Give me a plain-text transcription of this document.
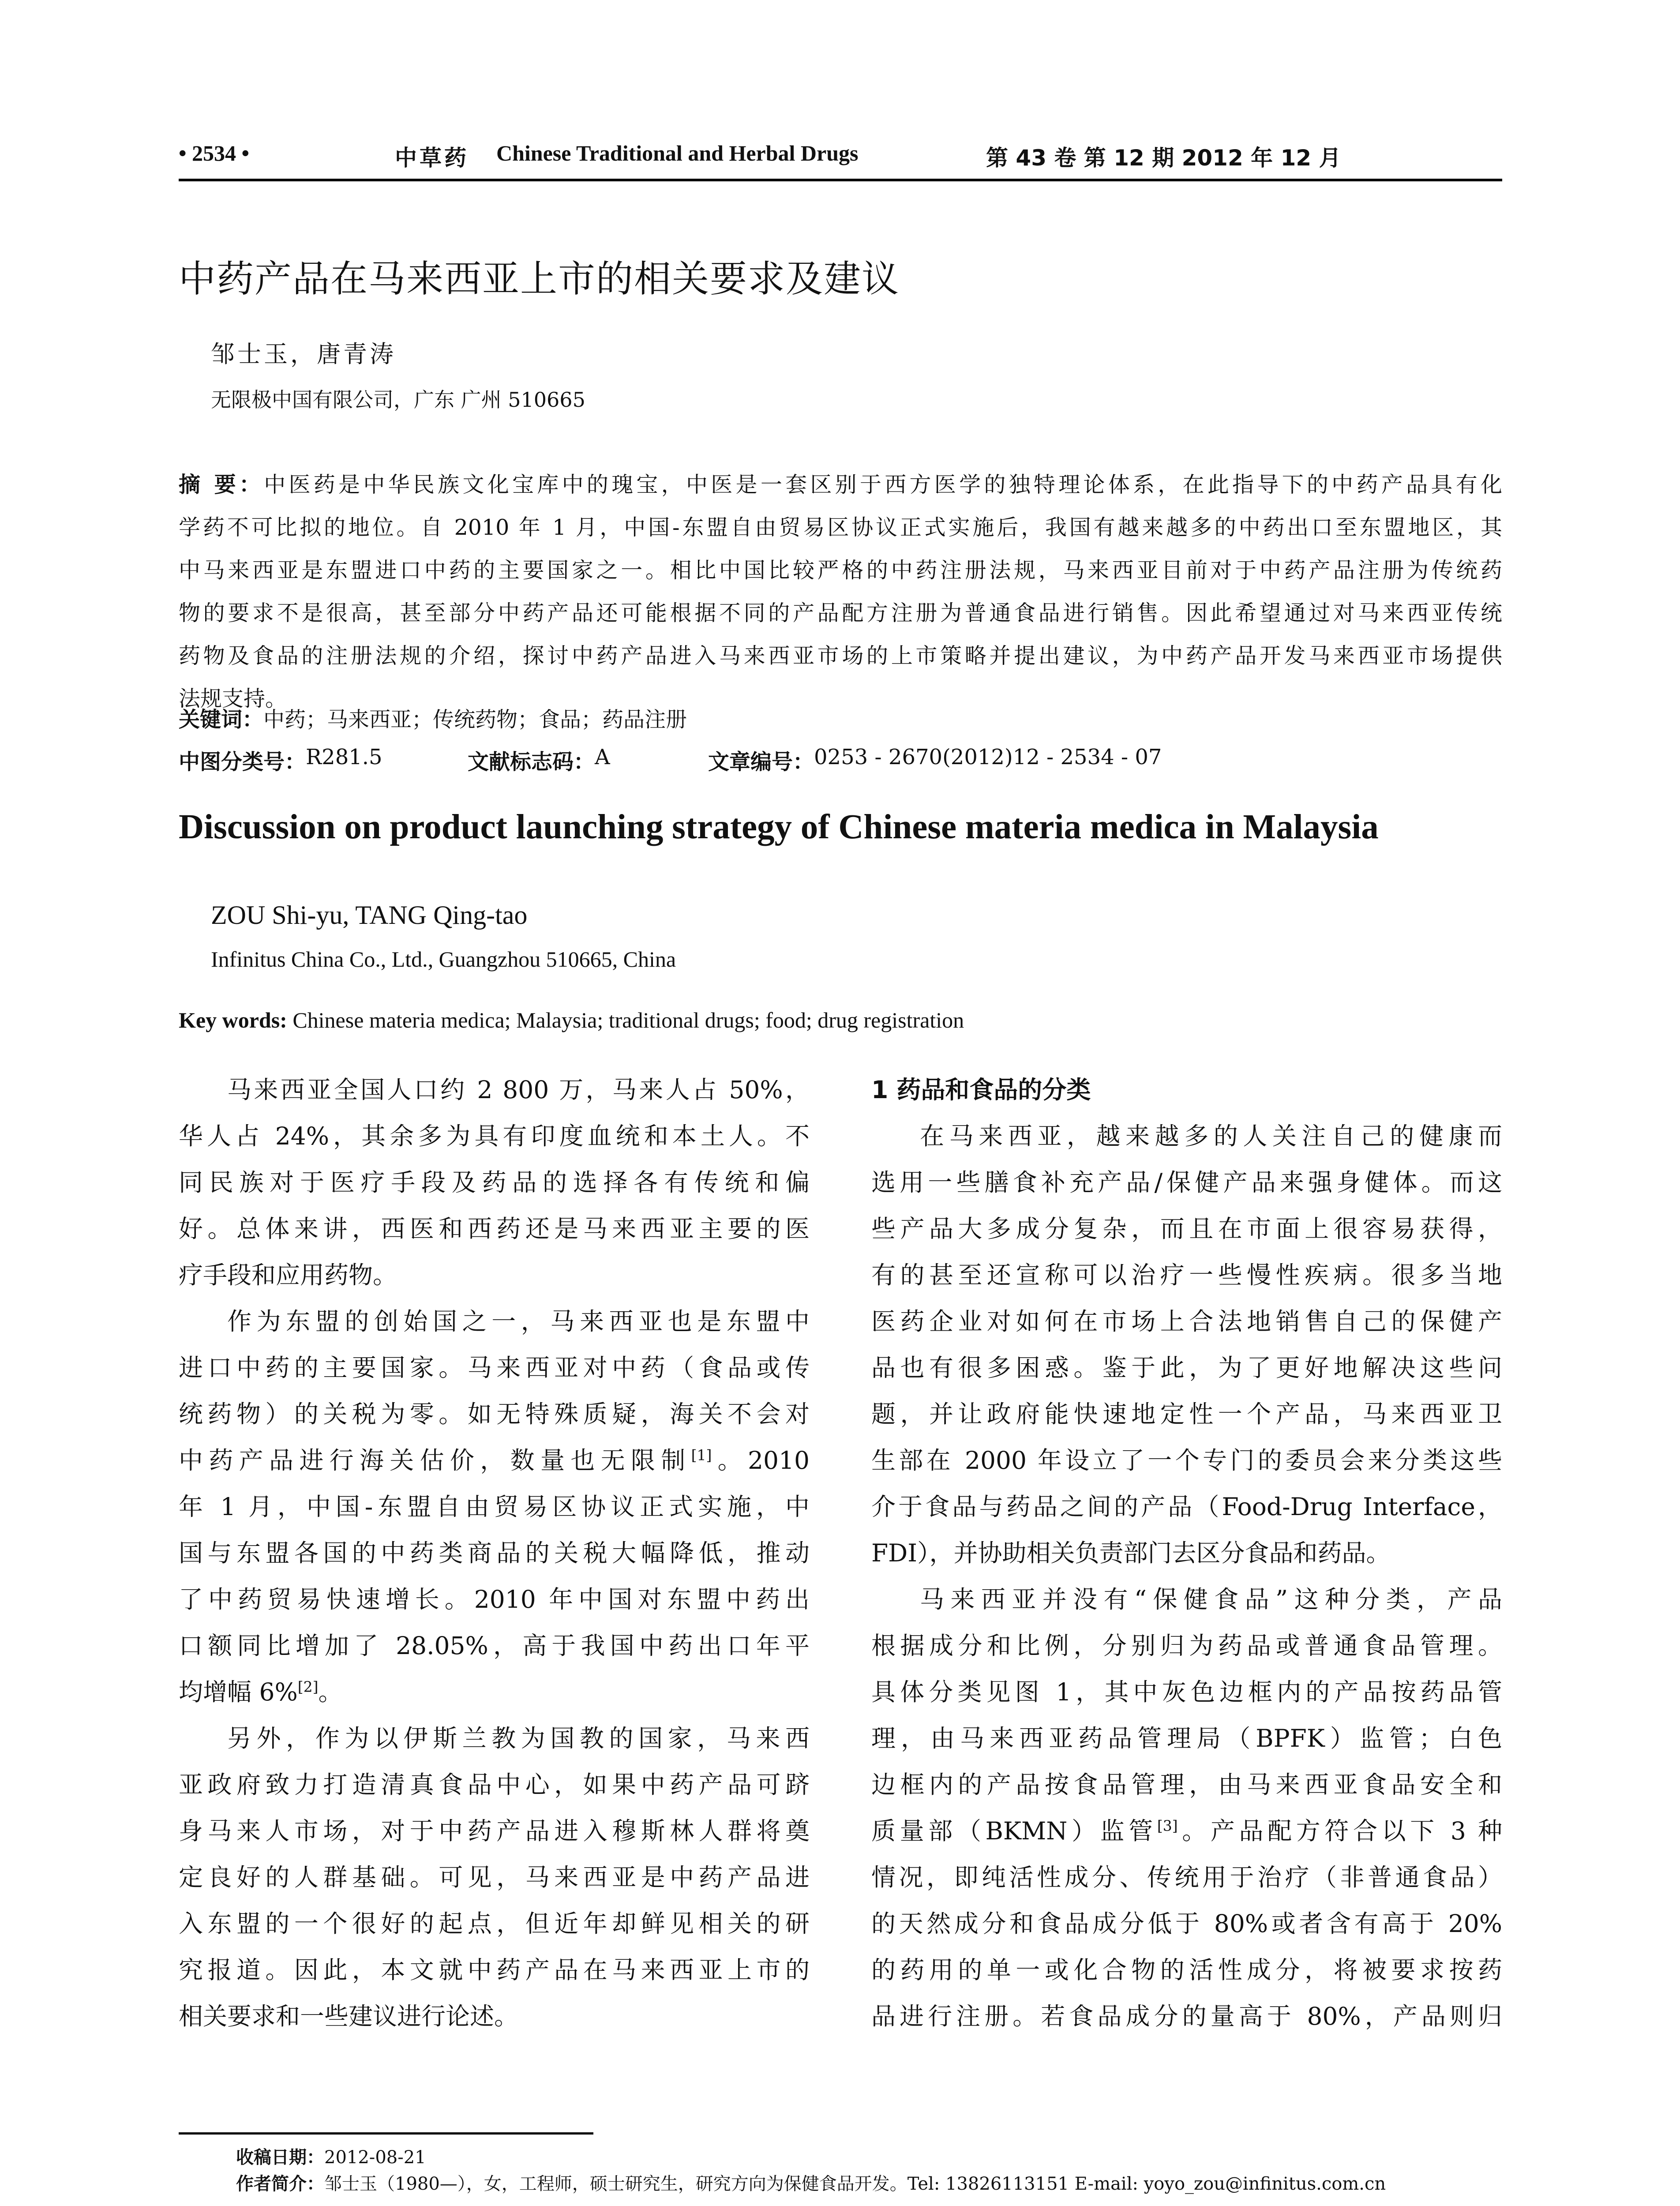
• 2534 •	中草药 Chinese Traditional and Herbal Drugs	第 43 卷 第 12 期 2012 年 12 月
中药产品在马来西亚上市的相关要求及建议
邹士玉，唐青涛
无限极中国有限公司，广东 广州 510665
摘 要：中医药是中华民族文化宝库中的瑰宝，中医是一套区别于西方医学的独特理论体系，在此指导下的中药产品具有化
学药不可比拟的地位。自 2010 年 1 月，中国-东盟自由贸易区协议正式实施后，我国有越来越多的中药出口至东盟地区，其
中马来西亚是东盟进口中药的主要国家之一。相比中国比较严格的中药注册法规，马来西亚目前对于中药产品注册为传统药
物的要求不是很高，甚至部分中药产品还可能根据不同的产品配方注册为普通食品进行销售。因此希望通过对马来西亚传统
药物及食品的注册法规的介绍，探讨中药产品进入马来西亚市场的上市策略并提出建议，为中药产品开发马来西亚市场提供
法规支持。
关键词：中药；马来西亚；传统药物；食品；药品注册
中图分类号： R281.5	文献标志码： A	文章编号： 0253 - 2670(2012)12 - 2534 - 07
Discussion on product launching strategy of Chinese materia medica in Malaysia
ZOU Shi-yu, TANG Qing-tao
Infinitus China Co., Ltd., Guangzhou 510665, China
Key words: Chinese materia medica; Malaysia; traditional drugs; food; drug registration
马来西亚全国人口约 2 800 万，马来人占 50%，
华人占 24%，其余多为具有印度血统和本土人。不
同民族对于医疗手段及药品的选择各有传统和偏
好。总体来讲，西医和西药还是马来西亚主要的医
疗手段和应用药物。
作为东盟的创始国之一，马来西亚也是东盟中
进口中药的主要国家。马来西亚对中药（食品或传
统药物）的关税为零。如无特殊质疑，海关不会对
中药产品进行海关估价，数量也无限制[1]。2010
年 1 月，中国-东盟自由贸易区协议正式实施，中
国与东盟各国的中药类商品的关税大幅降低，推动
了中药贸易快速增长。2010 年中国对东盟中药出
口额同比增加了 28.05%，高于我国中药出口年平
均增幅 6%[2]。
另外，作为以伊斯兰教为国教的国家，马来西
亚政府致力打造清真食品中心，如果中药产品可跻
身马来人市场，对于中药产品进入穆斯林人群将奠
定良好的人群基础。可见，马来西亚是中药产品进
入东盟的一个很好的起点，但近年却鲜见相关的研
究报道。因此，本文就中药产品在马来西亚上市的
相关要求和一些建议进行论述。
1 药品和食品的分类
在马来西亚，越来越多的人关注自己的健康而
选用一些膳食补充产品/保健产品来强身健体。而这
些产品大多成分复杂，而且在市面上很容易获得，
有的甚至还宣称可以治疗一些慢性疾病。很多当地
医药企业对如何在市场上合法地销售自己的保健产
品也有很多困惑。鉴于此，为了更好地解决这些问
题，并让政府能快速地定性一个产品，马来西亚卫
生部在 2000 年设立了一个专门的委员会来分类这些
介于食品与药品之间的产品（Food-Drug Interface，
FDI），并协助相关负责部门去区分食品和药品。
马来西亚并没有“保健食品”这种分类，产品
根据成分和比例，分别归为药品或普通食品管理。
具体分类见图 1，其中灰色边框内的产品按药品管
理，由马来西亚药品管理局（BPFK）监管；白色
边框内的产品按食品管理，由马来西亚食品安全和
质量部（BKMN）监管[3]。产品配方符合以下 3 种
情况，即纯活性成分、传统用于治疗（非普通食品）
的天然成分和食品成分低于 80%或者含有高于 20%
的药用的单一或化合物的活性成分，将被要求按药
品进行注册。若食品成分的量高于 80%，产品则归
收稿日期：2012-08-21
作者简介：邹士玉（1980—），女，工程师，硕士研究生，研究方向为保健食品开发。Tel: 13826113151 E-mail: yoyo_zou@infinitus.com.cn
